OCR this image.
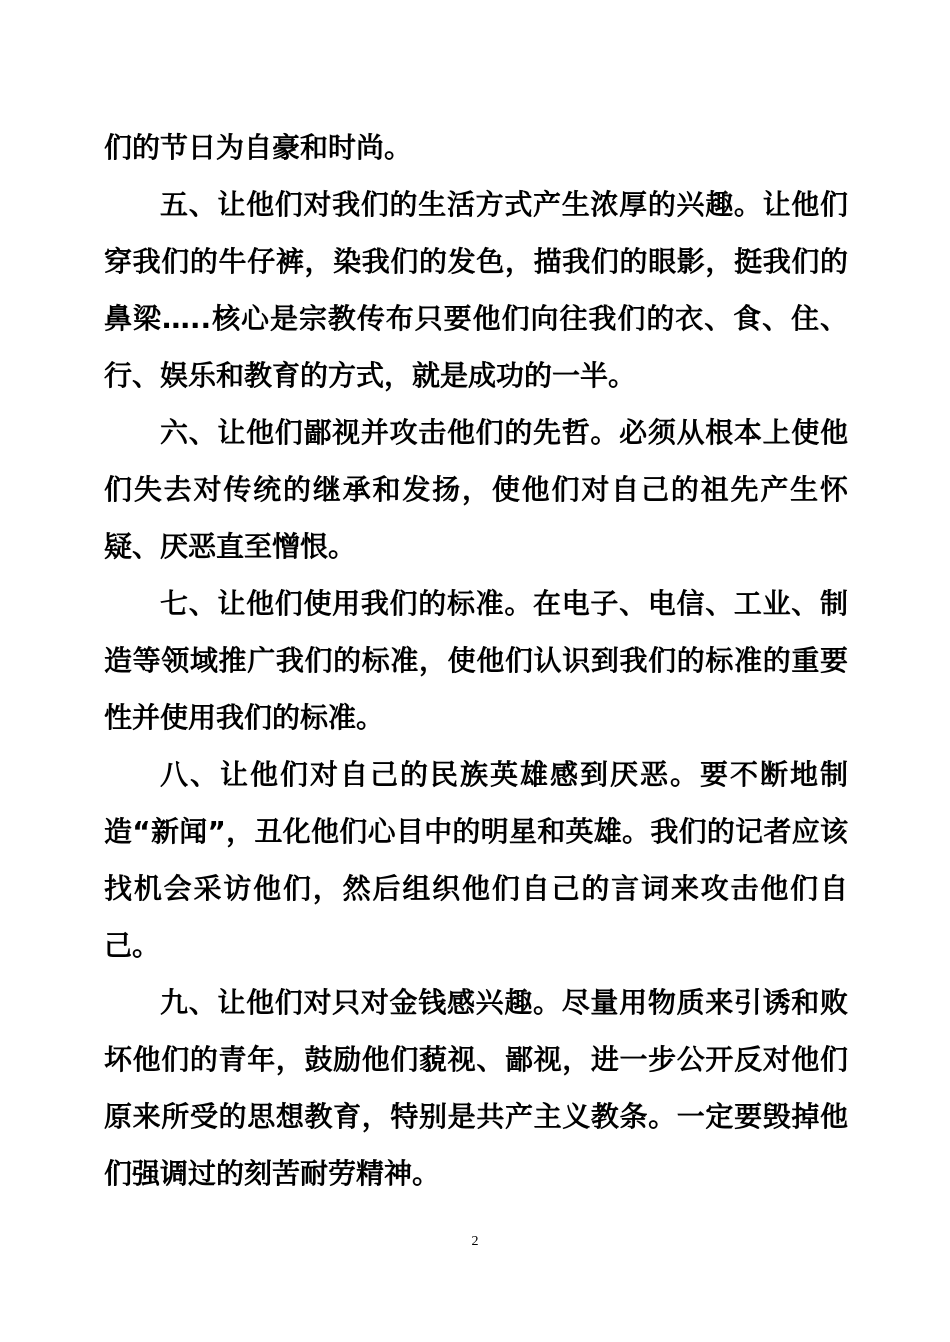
们的节日为自豪和时尚。

五、让他们对我们的生活方式产生浓厚的兴趣。让他们穿我们的牛仔裤，染我们的发色，描我们的眼影，挺我们的鼻梁…..核心是宗教传布只要他们向往我们的衣、食、住、行、娱乐和教育的方式，就是成功的一半。

六、让他们鄙视并攻击他们的先哲。必须从根本上使他们失去对传统的继承和发扬，使他们对自己的祖先产生怀疑、厌恶直至憎恨。

七、让他们使用我们的标准。在电子、电信、工业、制造等领域推广我们的标准，使他们认识到我们的标准的重要性并使用我们的标准。

八、让他们对自己的民族英雄感到厌恶。要不断地制造“新闻”，丑化他们心目中的明星和英雄。我们的记者应该找机会采访他们，然后组织他们自己的言词来攻击他们自己。

九、让他们对只对金钱感兴趣。尽量用物质来引诱和败坏他们的青年，鼓励他们藐视、鄙视，进一步公开反对他们原来所受的思想教育，特别是共产主义教条。一定要毁掉他们强调过的刻苦耐劳精神。

2
